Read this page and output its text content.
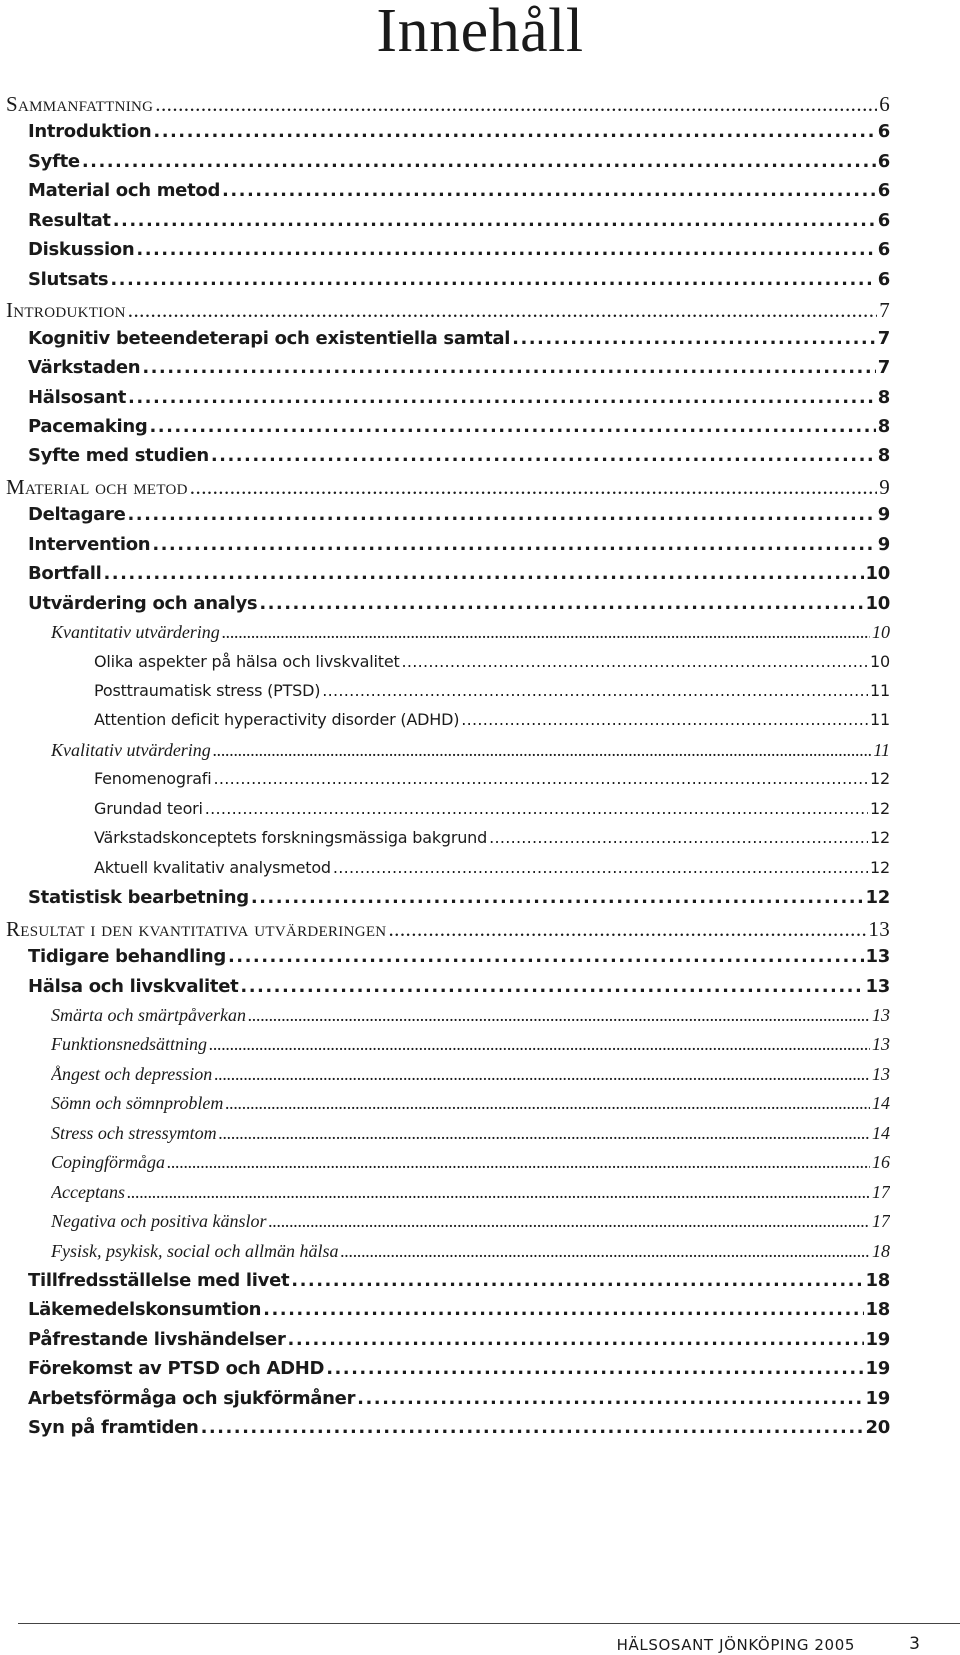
Innehåll
Sammanfattning . . .	6
Introduktion . . .	6
Syfte . . .	6
Material och metod . . .	6
Resultat . . .	6
Diskussion . . .	6
Slutsats . . .	6
Introduktion . . .	7
Kognitiv beteendeterapi och existentiella samtal . . .	7
Värkstaden . . .	7
Hälsosant . . .	8
Pacemaking . . .	8
Syfte med studien . . .	8
Material och metod . . .	9
Deltagare . . .	9
Intervention . . .	9
Bortfall . . .	10
Utvärdering och analys . . .	10
Kvantitativ utvärdering . . .	10
Olika aspekter på hälsa och livskvalitet . . .	10
Posttraumatisk stress (PTSD) . . .	11
Attention deficit hyperactivity disorder (ADHD) . . .	11
Kvalitativ utvärdering . . .	11
Fenomenografi . . .	12
Grundad teori . . .	12
Värkstadskonceptets forskningsmässiga bakgrund . . .	12
Aktuell kvalitativ analysmetod . . .	12
Statistisk bearbetning . . .	12
Resultat i den kvantitativa utvärderingen . . .	13
Tidigare behandling . . .	13
Hälsa och livskvalitet . . .	13
Smärta och smärtpåverkan . . .	13
Funktionsnedsättning . . .	13
Ångest och depression . . .	13
Sömn och sömnproblem . . .	14
Stress och stressymtom . . .	14
Copingförmåga . . .	16
Acceptans . . .	17
Negativa och positiva känslor . . .	17
Fysisk, psykisk, social och allmän hälsa . . .	18
Tillfredsställelse med livet . . .	18
Läkemedelskonsumtion . . .	18
Påfrestande livshändelser . . .	19
Förekomst av PTSD och ADHD . . .	19
Arbetsförmåga och sjukförmåner . . .	19
Syn på framtiden . . .	20
HÄLSOSANT JÖNKÖPING 2005	3
